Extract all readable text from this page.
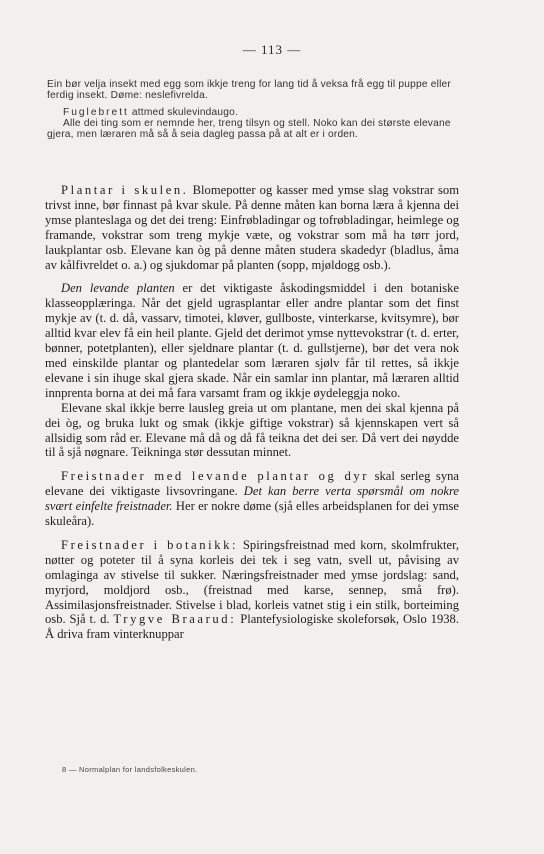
— 113 —

Ein bør velja insekt med egg som ikkje treng for lang tid å veksa frå egg til puppe eller ferdig insekt. Døme: neslefivrelda.

Fuglebrett attmed skulevindaugo.

Alle dei ting som er nemnde her, treng tilsyn og stell. Noko kan dei største elevane gjera, men læraren må så å seia dagleg passa på at alt er i orden.

Plantar i skulen. Blomepotter og kasser med ymse slag vokstrar som trivst inne, bør finnast på kvar skule. På denne måten kan borna læra å kjenna dei ymse planteslaga og det dei treng: Einfrøbladingar og tofrøbladingar, heimlege og framande, vokstrar som treng mykje væte, og vokstrar som må ha tørr jord, laukplantar osb. Elevane kan òg på denne måten studera skadedyr (bladlus, åma av kålfivreldet o. a.) og sjukdomar på planten (sopp, mjøldogg osb.).

Den levande planten er det viktigaste åskodingsmiddel i den botaniske klasseopplæringa. Når det gjeld ugrasplantar eller andre plantar som det finst mykje av (t. d. då, vassarv, timotei, kløver, gullboste, vinterkarse, kvitsymre), bør alltid kvar elev få ein heil plante. Gjeld det derimot ymse nyttevokstrar (t. d. erter, bønner, potetplanten), eller sjeldnare plantar (t. d. gullstjerne), bør det vera nok med einskilde plantar og plantedelar som læraren sjølv får til rettes, så ikkje elevane i sin ihuge skal gjera skade. Når ein samlar inn plantar, må læraren alltid innprenta borna at dei må fara varsamt fram og ikkje øydeleggja noko.

Elevane skal ikkje berre lausleg greia ut om plantane, men dei skal kjenna på dei òg, og bruka lukt og smak (ikkje giftige vokstrar) så kjennskapen vert så allsidig som råd er. Elevane må då og då få teikna det dei ser. Då vert dei nøydde til å sjå nøgnare. Teikninga stør dessutan minnet.

Freistnader med levande plantar og dyr skal serleg syna elevane dei viktigaste livsovringane. Det kan berre verta spørsmål om nokre svært einfelte freistnader. Her er nokre døme (sjå elles arbeidsplanen for dei ymse skuleåra).

Freistnader i botanikk: Spiringsfreistnad med korn, skolmfrukter, nøtter og poteter til å syna korleis dei tek i seg vatn, svell ut, påvising av omlaginga av stivelse til sukker. Næringsfreistnader med ymse jordslag: sand, myrjord, moldjord osb., (freistnad med karse, sennep, små frø). Assimilasjonsfreistnader. Stivelse i blad, korleis vatnet stig i ein stilk, borteiming osb. Sjå t. d. Trygve Braarud: Plantefysiologiske skoleforsøk, Oslo 1938. Å driva fram vinterknuppar

8 — Normalplan for landsfolkeskulen.
